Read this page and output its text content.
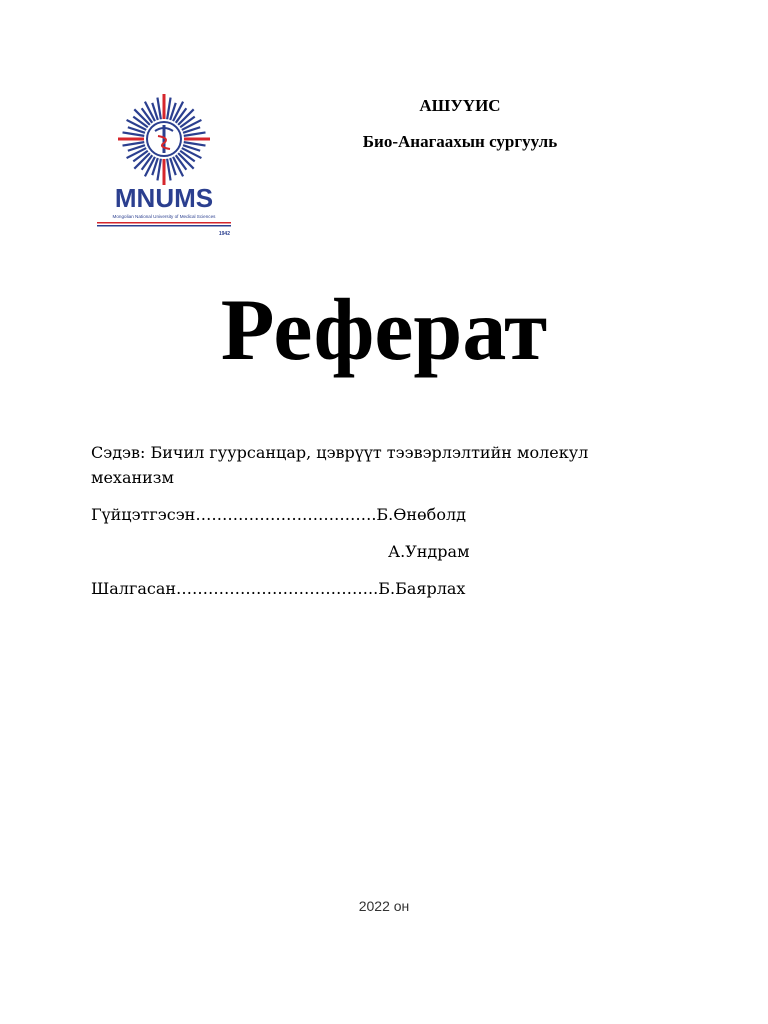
MNUMS
Mongolian National University of Medical Sciences
1942
АШУҮИС
Био-Анагаахын сургууль
Реферат
Сэдэв: Бичил гуурсанцар, цэврүүт тээвэрлэлтийн молекул
механизм
Гүйцэтгэсэн…………………………….Б.Өнөболд
А.Ундрам
Шалгасан………………………………..Б.Баярлах
2022 он
